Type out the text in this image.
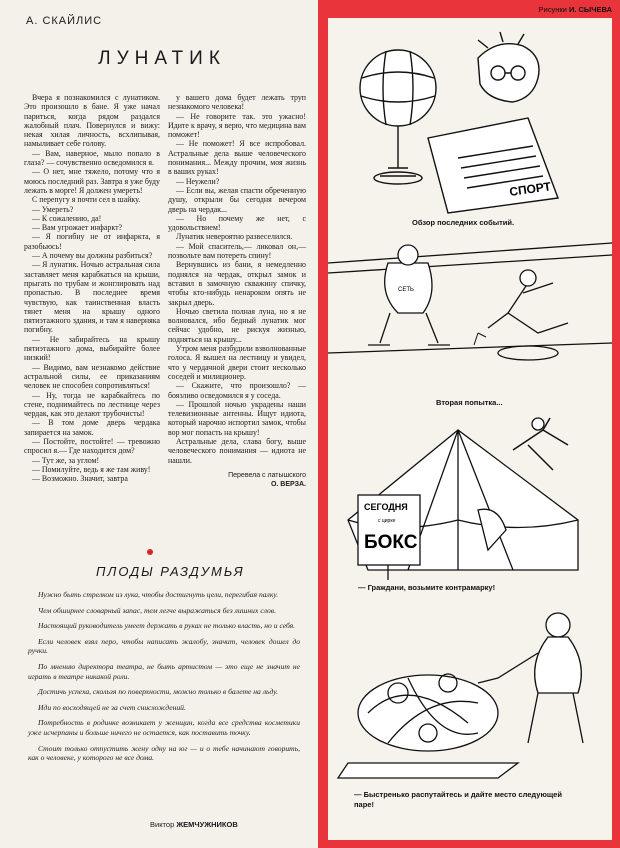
А. СКАЙЛИС
ЛУНАТИК

Вчера я познакомился с лунатиком. Это произошло в бане. Я уже начал париться, когда рядом раздался жалобный плач. Повернулся и вижу: некая хилая личность, всхлипывая, намыливает себе голову.

— Вам, наверное, мыло попало в глаза? — сочувственно осведомился я.

— О нет, мне тяжело, потому что я моюсь последний раз. Завтра я уже буду лежать в морге! Я должен умереть!

С перепугу я почти сел в шайку.

— Умереть?

— К сожалению, да!

— Вам угрожает инфаркт?

— Я погибну не от инфаркта, я разобьюсь!

— А почему вы должны разбиться?

— Я лунатик. Ночью астральная сила заставляет меня карабкаться на крыши, прыгать по трубам и жонглировать над пропастью. В последнее время чувствую, как таинственная власть тянет меня на крышу одного пятиэтажного здания, и там я наверняка погибну.

— Не забирайтесь на крышу пятиэтажного дома, выбирайте более низкий!

— Видимо, вам незнакомо действие астральной силы, ее приказаниям человек не способен сопротивляться!

— Ну, тогда не карабкайтесь по стене, поднимайтесь по лестнице через чердак, как это делают трубочисты!

— В том доме дверь чердака запирается на замок.

— Постойте, постойте! — тревожно спросил я.— Где находится дом?

— Тут же, за углом!

— Помилуйте, ведь я же там живу!

— Возможно. Значит, завтра

у вашего дома будет лежать труп незнакомого человека!

— Не говорите так. это ужасно! Идите к врачу, я верю, что медицина вам поможет!

— Не поможет! Я все испробовал. Астральные дела выше человеческого понимания... Между прочим, моя жизнь в ваших руках!

— Неужели?

— Если вы, желая спасти обреченную душу, открыли бы сегодня вечером дверь на чердак...

— Но почему же нет, с удовольствием!

Лунатик невероятно развеселился.

— Мой спаситель,— ликовал он,— позвольте вам потереть спину!

Вернувшись из бани, я немедленно поднялся на чердак, открыл замок и вставил в замочную скважину спичку, чтобы кто-нибудь ненароком опять не закрыл дверь.

Ночью светила полная луна, но я не волновался, ибо бедный лунатик мог сейчас удобно, не рискуя жизнью, подняться на крышу...

Утром меня разбудили взволнованные голоса. Я вышел на лестницу и увидел, что у чердачной двери стоит несколько соседей и милиционер.

— Скажите, что произошло? — боязливо осведомился я у соседа.

— Прошлой ночью украдены наши телевизионные антенны. Ищут идиота, который нарочно испортил замок, чтобы вор мог попасть на крышу!

Астральные дела, слава богу, выше человеческого понимания — идиота не нашли.

Перевела с латышского
О. ВЕРЗА.
ПЛОДЫ РАЗДУМЬЯ

Нужно быть стрелком из лука, чтобы достигнуть цели, перегибая палку.

Чем обширнее словарный запас, тем легче выражаться без лишних слов.

Настоящий руководитель умеет держать в руках не только власть, но и себя.

Если человек взял перо, чтобы написать жалобу, значит, человек дошел до ручки.

По мнению директора театра, не быть артистом — это еще не значит не играть в театре никакой роли.

Достичь успеха, скользя по поверхности, можно только в балете на льду.

Иди по восходящей не за счет снисхождений.

Потребность в родинке возникает у женщин, когда все средства косметики уже исчерпаны и больше ничего не остается, как поставить точку.

Стоит только отпустить жену одну на юг — и о тебе начинают говорить, как о человеке, у которого не все дома.

Виктор ЖЕМЧУЖНИКОВ
Рисунки И. СЫЧЕВА
СПОРТ
Обзор последних событий.
СЕТЬ
Вторая попытка...
СЕГОДНЯ
с цирке
БОКС
— Граждани, возьмите контрамарку!
— Быстренько распутайтесь и дайте место следующей
паре!
